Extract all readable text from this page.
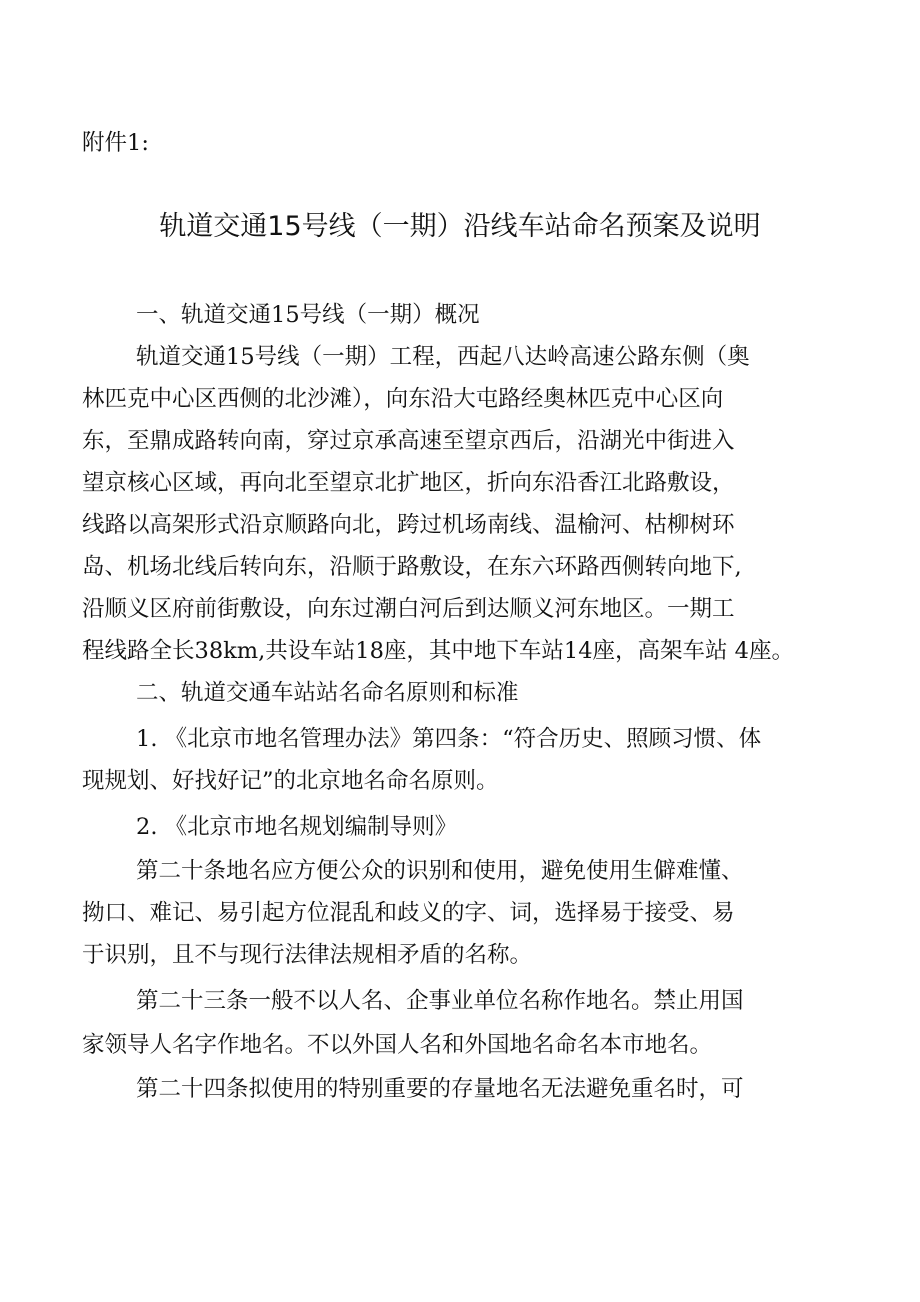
附件1:
轨道交通15号线（一期）沿线车站命名预案及说明
一、轨道交通15号线（一期）概况
轨道交通15号线（一期）工程，西起八达岭高速公路东侧（奥
林匹克中心区西侧的北沙滩），向东沿大屯路经奥林匹克中心区向
东，至鼎成路转向南，穿过京承高速至望京西后，沿湖光中街进入
望京核心区域，再向北至望京北扩地区，折向东沿香江北路敷设，
线路以高架形式沿京顺路向北，跨过机场南线、温榆河、枯柳树环
岛、机场北线后转向东，沿顺于路敷设，在东六环路西侧转向地下,
沿顺义区府前街敷设，向东过潮白河后到达顺义河东地区。一期工
程线路全长38km,共设车站18座，其中地下车站14座，高架车站 4座。
二、轨道交通车站站名命名原则和标准
1. 《北京市地名管理办法》第四条：“符合历史、照顾习惯、体
现规划、好找好记”的北京地名命名原则。
2. 《北京市地名规划编制导则》
第二十条地名应方便公众的识别和使用，避免使用生僻难懂、
拗口、难记、易引起方位混乱和歧义的字、词，选择易于接受、易
于识别，且不与现行法律法规相矛盾的名称。
第二十三条一般不以人名、企事业单位名称作地名。禁止用国
家领导人名字作地名。不以外国人名和外国地名命名本市地名。
第二十四条拟使用的特别重要的存量地名无法避免重名时，可
